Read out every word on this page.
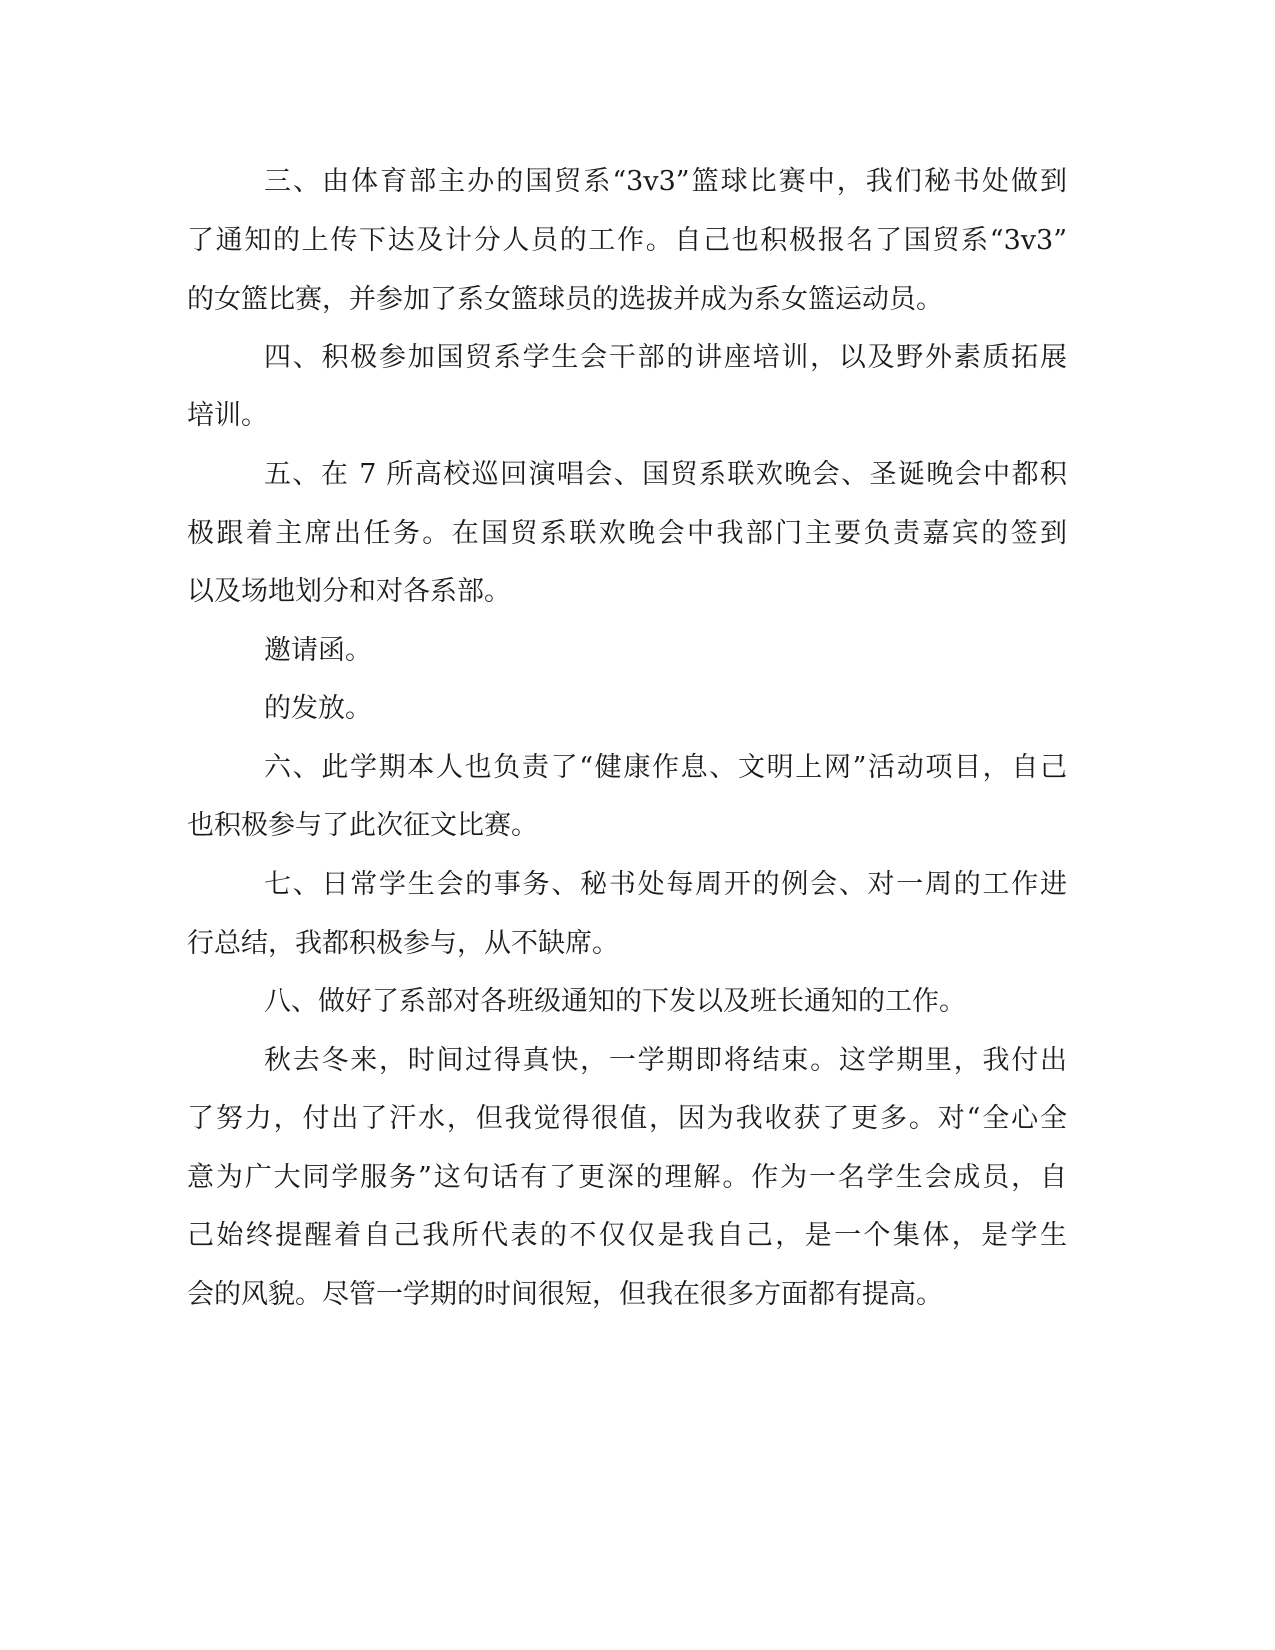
三、由体育部主办的国贸系“3v3”篮球比赛中，我们秘书处做到

了通知的上传下达及计分人员的工作。自己也积极报名了国贸系“3v3”

的女篮比赛，并参加了系女篮球员的选拔并成为系女篮运动员。

四、积极参加国贸系学生会干部的讲座培训，以及野外素质拓展

培训。

五、在 7 所高校巡回演唱会、国贸系联欢晚会、圣诞晚会中都积

极跟着主席出任务。在国贸系联欢晚会中我部门主要负责嘉宾的签到

以及场地划分和对各系部。

邀请函。

的发放。

六、此学期本人也负责了“健康作息、文明上网”活动项目，自己

也积极参与了此次征文比赛。

七、日常学生会的事务、秘书处每周开的例会、对一周的工作进

行总结，我都积极参与，从不缺席。

八、做好了系部对各班级通知的下发以及班长通知的工作。

秋去冬来，时间过得真快，一学期即将结束。这学期里，我付出

了努力，付出了汗水，但我觉得很值，因为我收获了更多。对“全心全

意为广大同学服务”这句话有了更深的理解。作为一名学生会成员，自

己始终提醒着自己我所代表的不仅仅是我自己，是一个集体，是学生

会的风貌。尽管一学期的时间很短，但我在很多方面都有提高。
